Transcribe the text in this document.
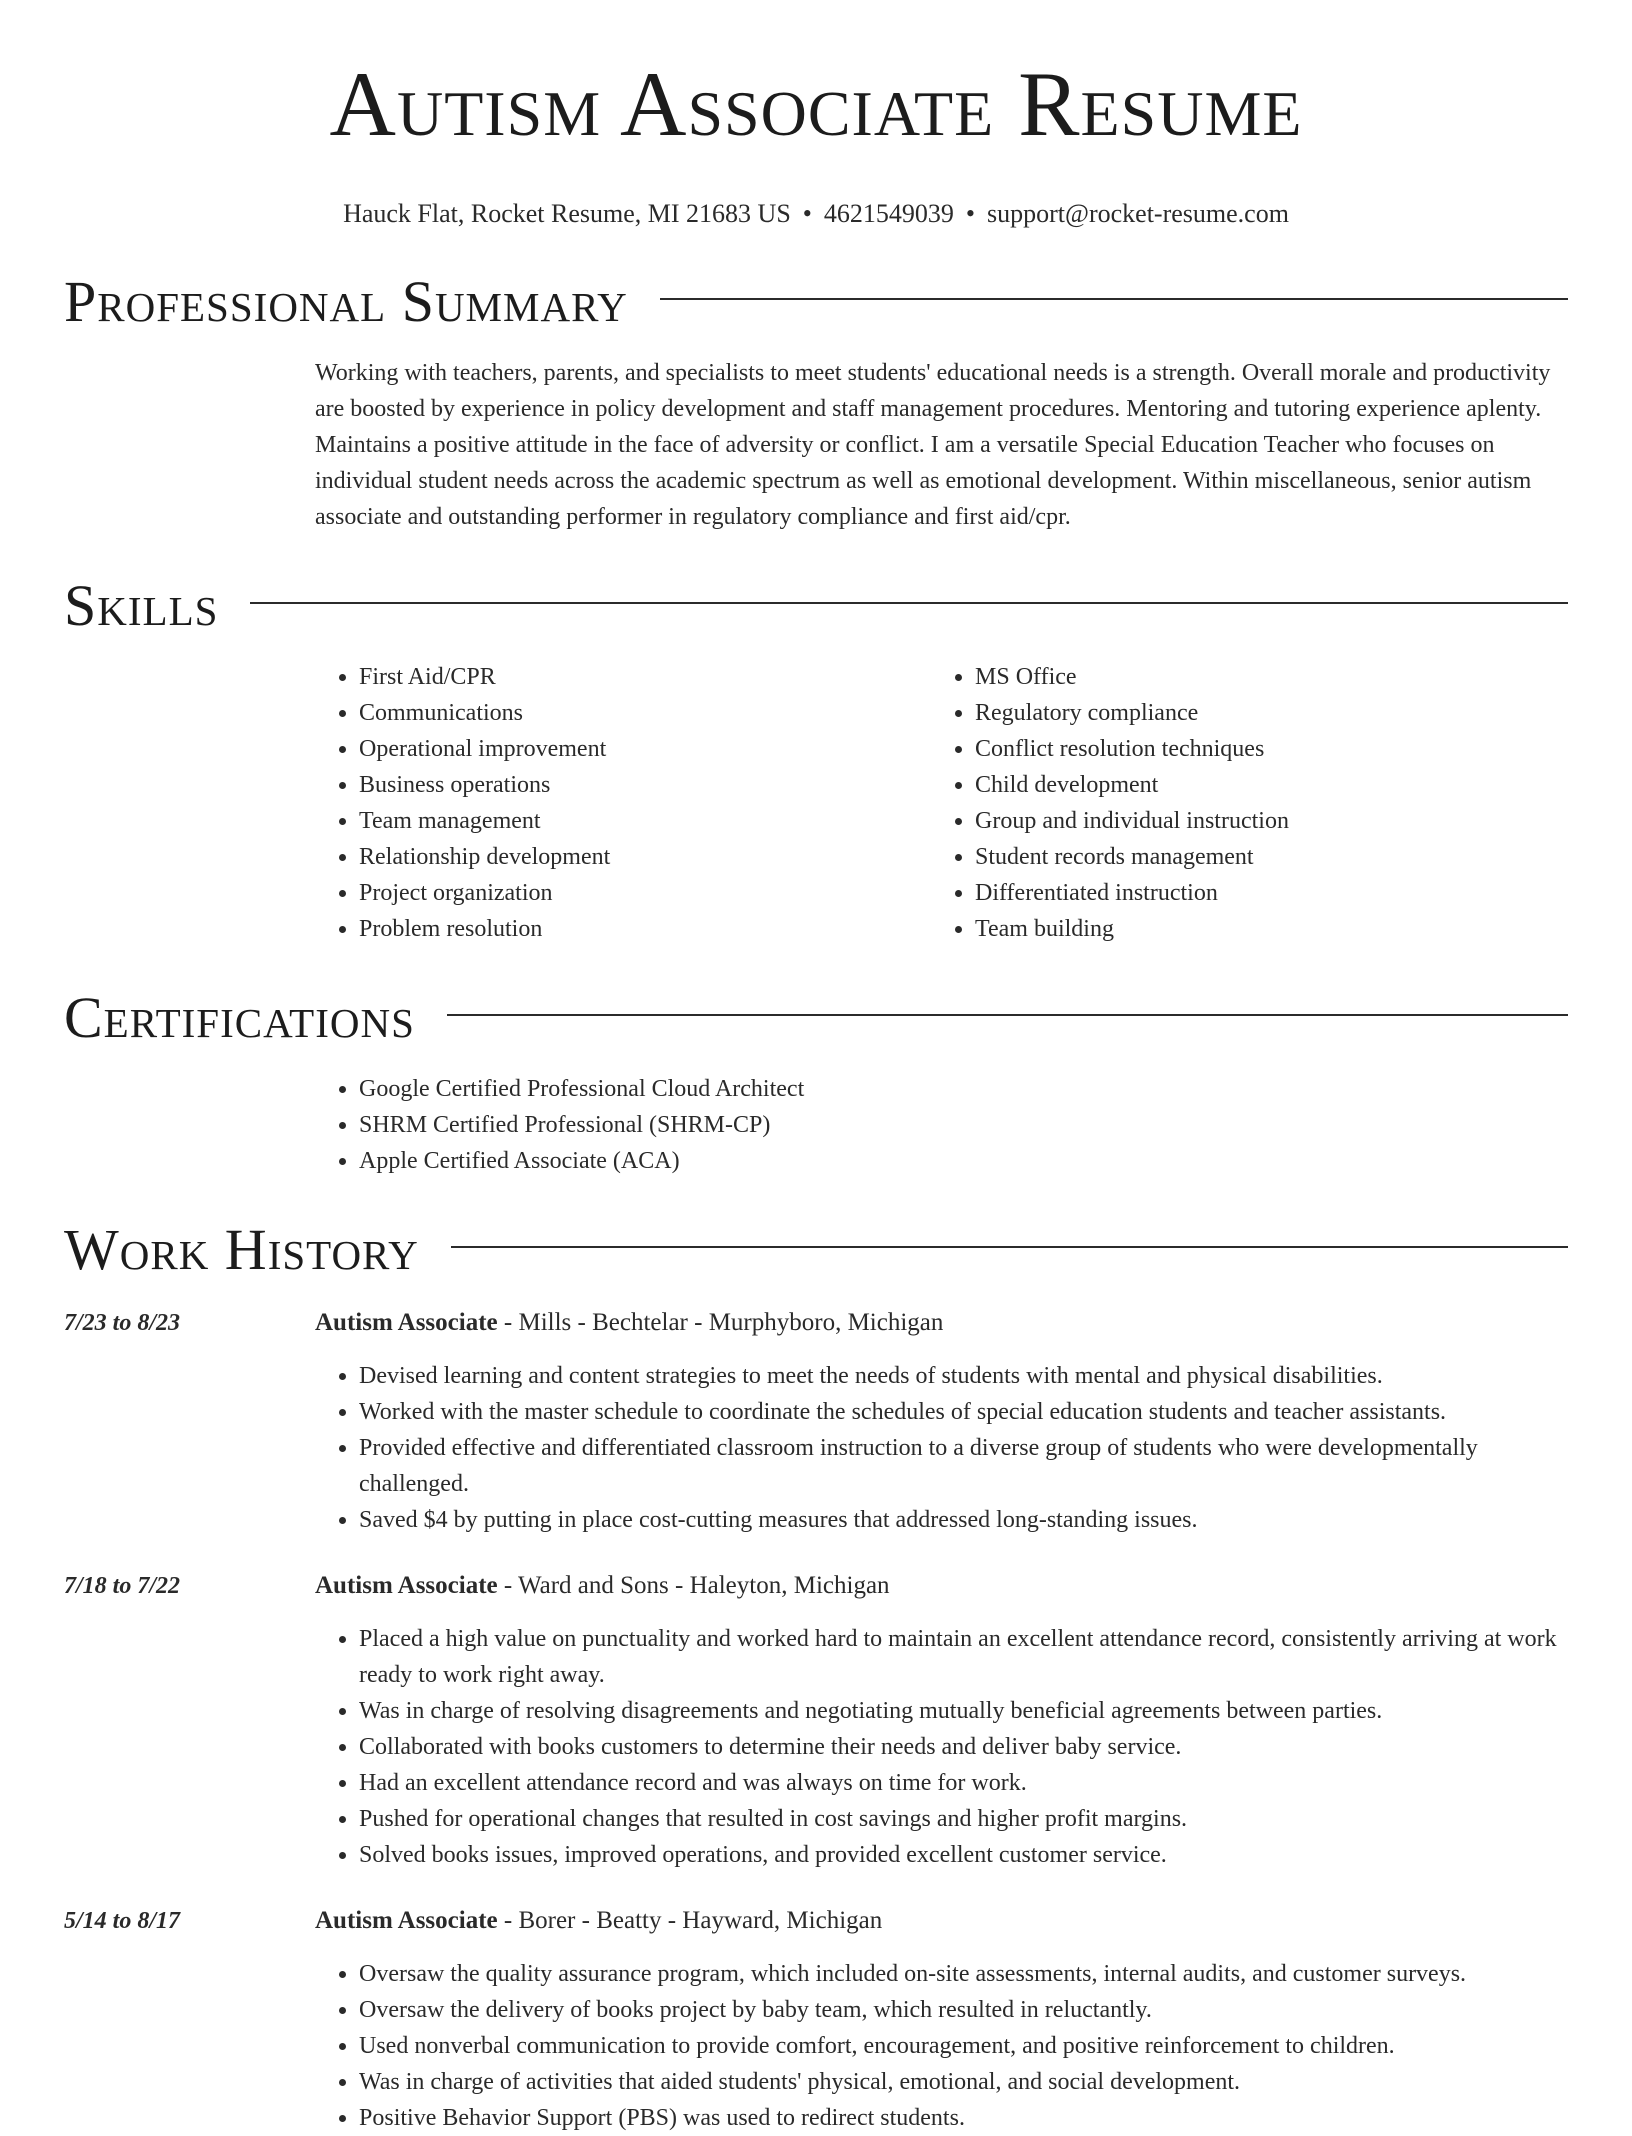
Autism Associate Resume
Hauck Flat, Rocket Resume, MI 21683 US • 4621549039 • support@rocket-resume.com
Professional Summary
Working with teachers, parents, and specialists to meet students' educational needs is a strength. Overall morale and productivity are boosted by experience in policy development and staff management procedures. Mentoring and tutoring experience aplenty. Maintains a positive attitude in the face of adversity or conflict. I am a versatile Special Education Teacher who focuses on individual student needs across the academic spectrum as well as emotional development. Within miscellaneous, senior autism associate and outstanding performer in regulatory compliance and first aid/cpr.
Skills
• First Aid/CPR
• Communications
• Operational improvement
• Business operations
• Team management
• Relationship development
• Project organization
• Problem resolution
• MS Office
• Regulatory compliance
• Conflict resolution techniques
• Child development
• Group and individual instruction
• Student records management
• Differentiated instruction
• Team building
Certifications
• Google Certified Professional Cloud Architect
• SHRM Certified Professional (SHRM-CP)
• Apple Certified Associate (ACA)
Work History
7/23 to 8/23	Autism Associate - Mills - Bechtelar - Murphyboro, Michigan
• Devised learning and content strategies to meet the needs of students with mental and physical disabilities.
• Worked with the master schedule to coordinate the schedules of special education students and teacher assistants.
• Provided effective and differentiated classroom instruction to a diverse group of students who were developmentally challenged.
• Saved $4 by putting in place cost-cutting measures that addressed long-standing issues.
7/18 to 7/22	Autism Associate - Ward and Sons - Haleyton, Michigan
• Placed a high value on punctuality and worked hard to maintain an excellent attendance record, consistently arriving at work ready to work right away.
• Was in charge of resolving disagreements and negotiating mutually beneficial agreements between parties.
• Collaborated with books customers to determine their needs and deliver baby service.
• Had an excellent attendance record and was always on time for work.
• Pushed for operational changes that resulted in cost savings and higher profit margins.
• Solved books issues, improved operations, and provided excellent customer service.
5/14 to 8/17	Autism Associate - Borer - Beatty - Hayward, Michigan
• Oversaw the quality assurance program, which included on-site assessments, internal audits, and customer surveys.
• Oversaw the delivery of books project by baby team, which resulted in reluctantly.
• Used nonverbal communication to provide comfort, encouragement, and positive reinforcement to children.
• Was in charge of activities that aided students' physical, emotional, and social development.
• Positive Behavior Support (PBS) was used to redirect students.
